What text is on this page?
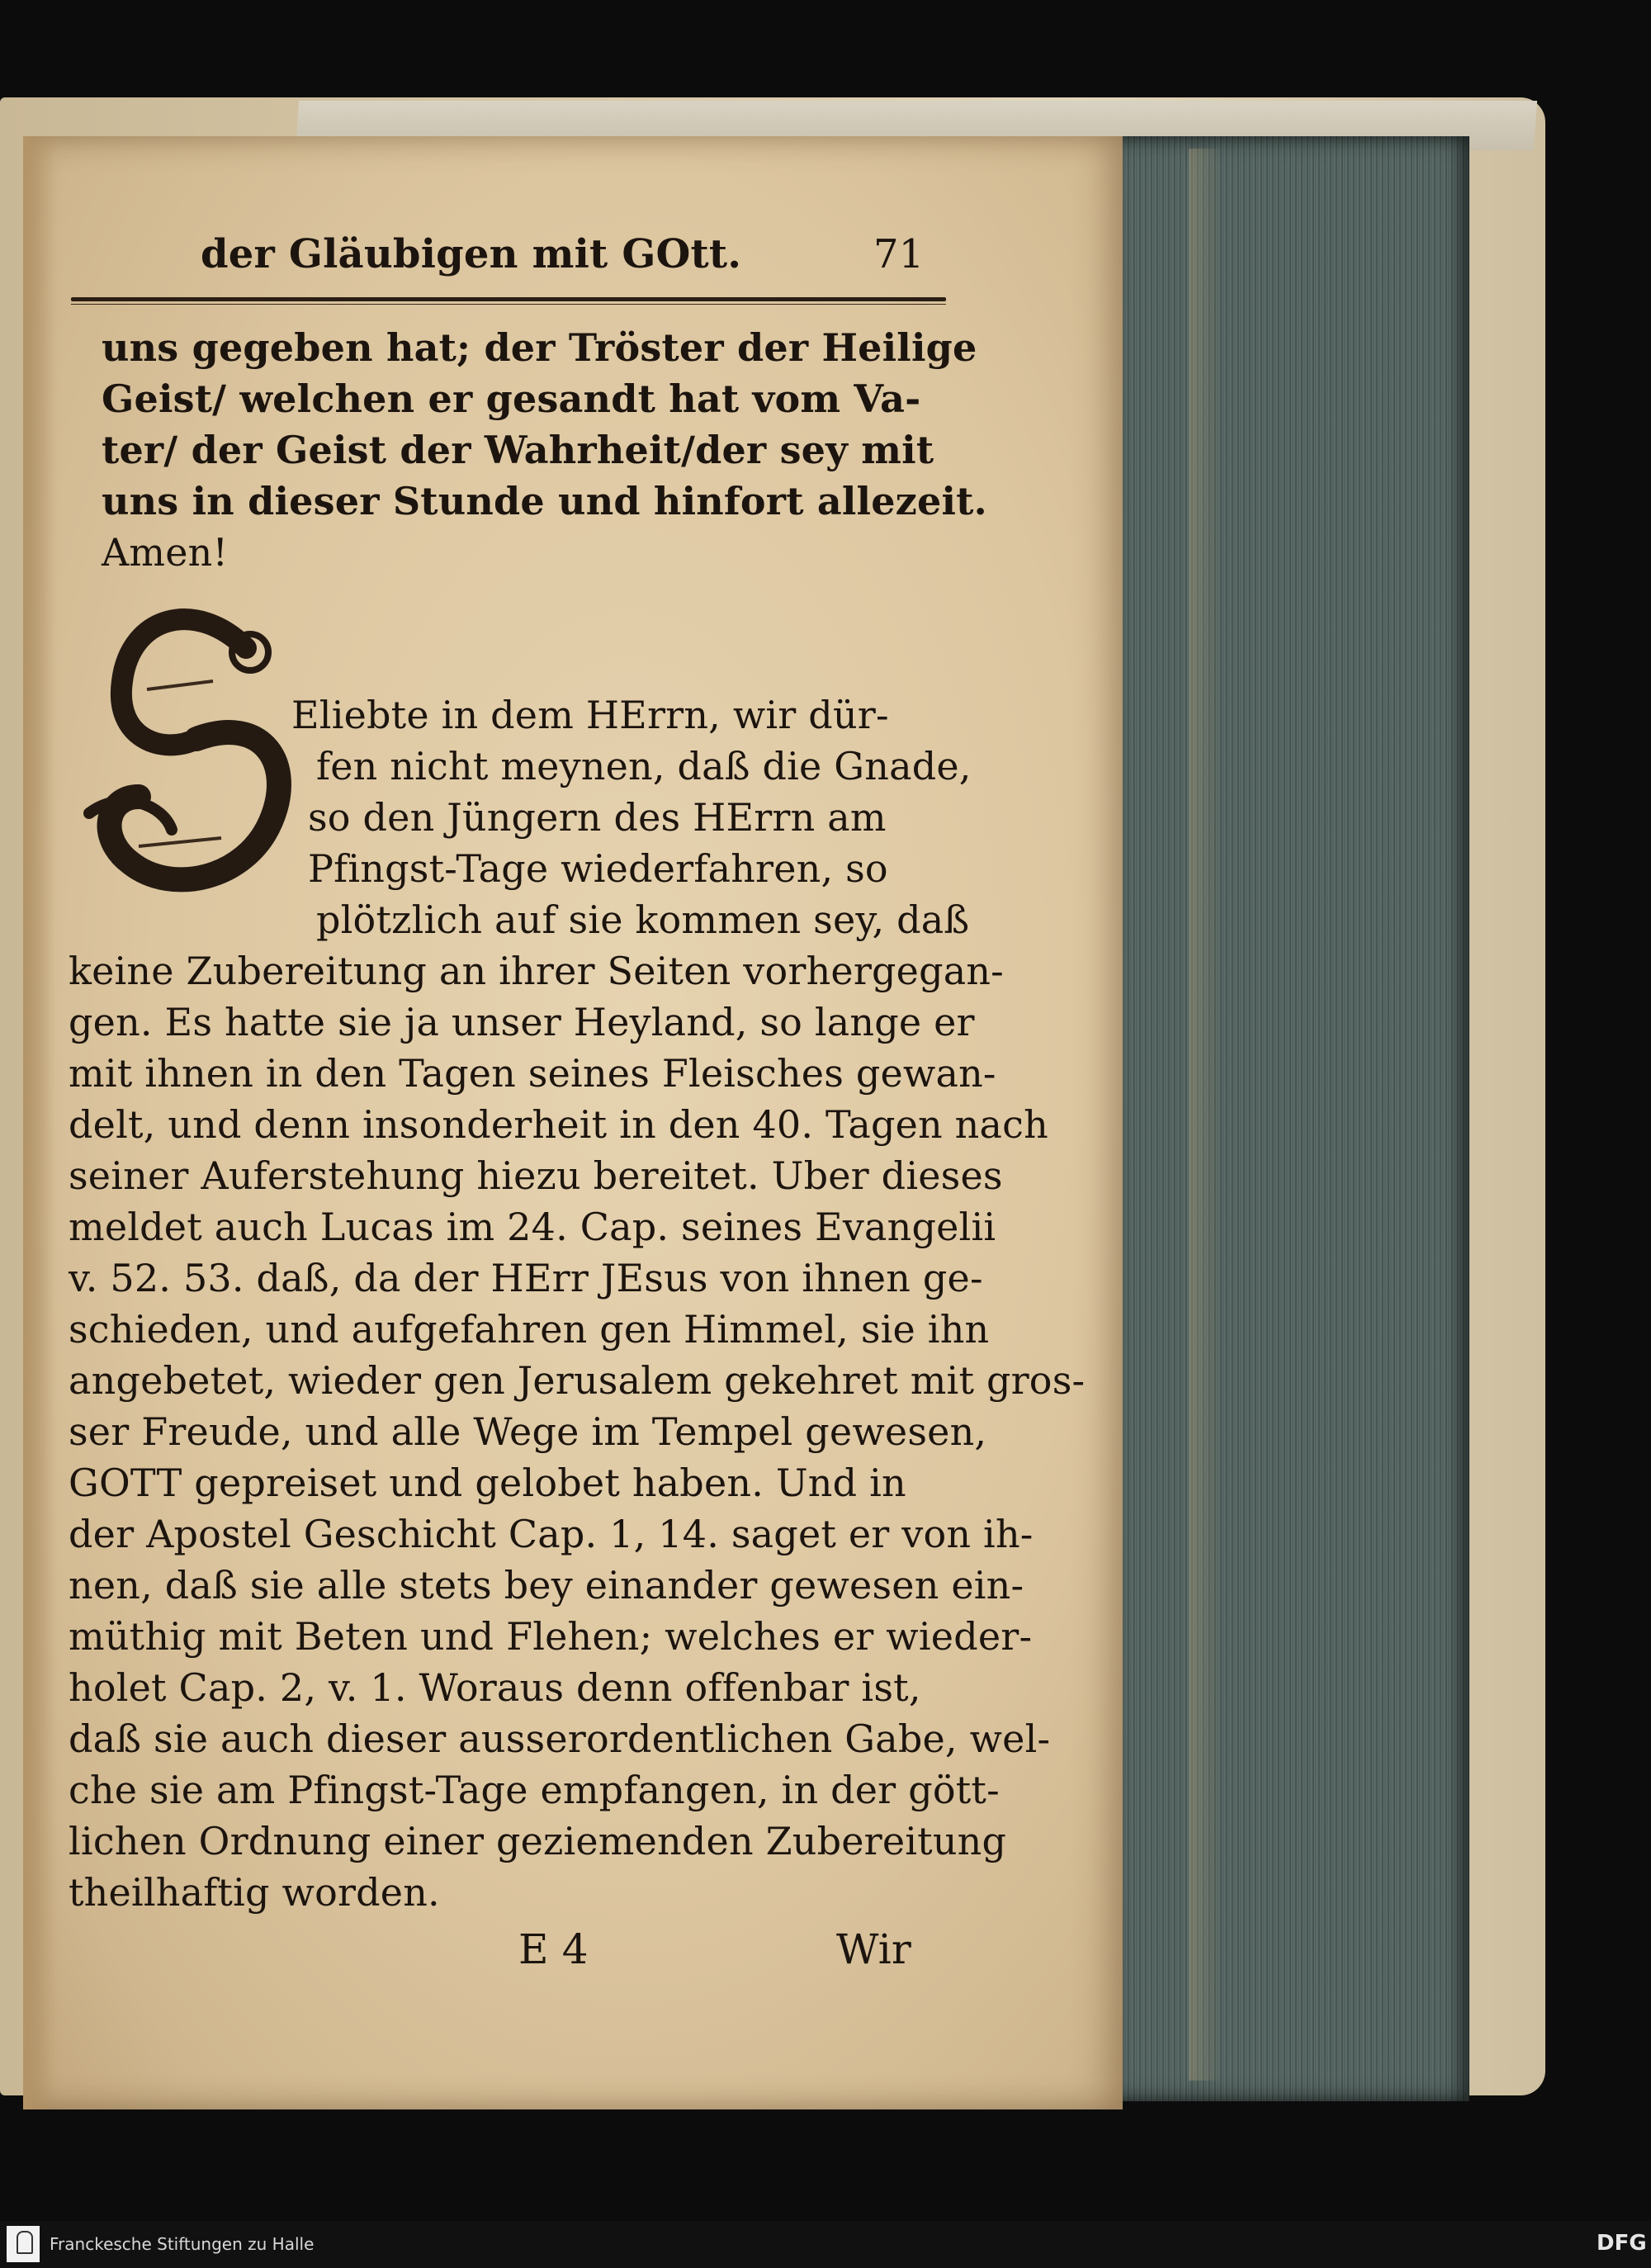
der Gläubigen mit GOtt.	71
uns gegeben hat; der Tröster der Heilige
Geist/ welchen er gesandt hat vom Va-
ter/ der Geist der Wahrheit/der sey mit
uns in dieser Stunde und hinfort allezeit.
Amen!
G
Eliebte in dem HErrn, wir dür-
fen nicht meynen, daß die Gnade,
so den Jüngern des HErrn am
Pfingst-Tage wiederfahren, so
plötzlich auf sie kommen sey, daß
keine Zubereitung an ihrer Seiten vorhergegan-
gen. Es hatte sie ja unser Heyland, so lange er
mit ihnen in den Tagen seines Fleisches gewan-
delt, und denn insonderheit in den 40. Tagen nach
seiner Auferstehung hiezu bereitet. Uber dieses
meldet auch Lucas im 24. Cap. seines Evangelii
v. 52. 53. daß, da der HErr JEsus von ihnen ge-
schieden, und aufgefahren gen Himmel, sie ihn
angebetet, wieder gen Jerusalem gekehret mit gros-
ser Freude, und alle Wege im Tempel gewesen,
GOTT gepreiset und gelobet haben. Und in
der Apostel Geschicht Cap. 1, 14. saget er von ih-
nen, daß sie alle stets bey einander gewesen ein-
müthig mit Beten und Flehen; welches er wieder-
holet Cap. 2, v. 1. Woraus denn offenbar ist,
daß sie auch dieser ausserordentlichen Gabe, wel-
che sie am Pfingst-Tage empfangen, in der gött-
lichen Ordnung einer geziemenden Zubereitung
theilhaftig worden.
E 4	Wir
Franckesche Stiftungen zu Halle	DFG
